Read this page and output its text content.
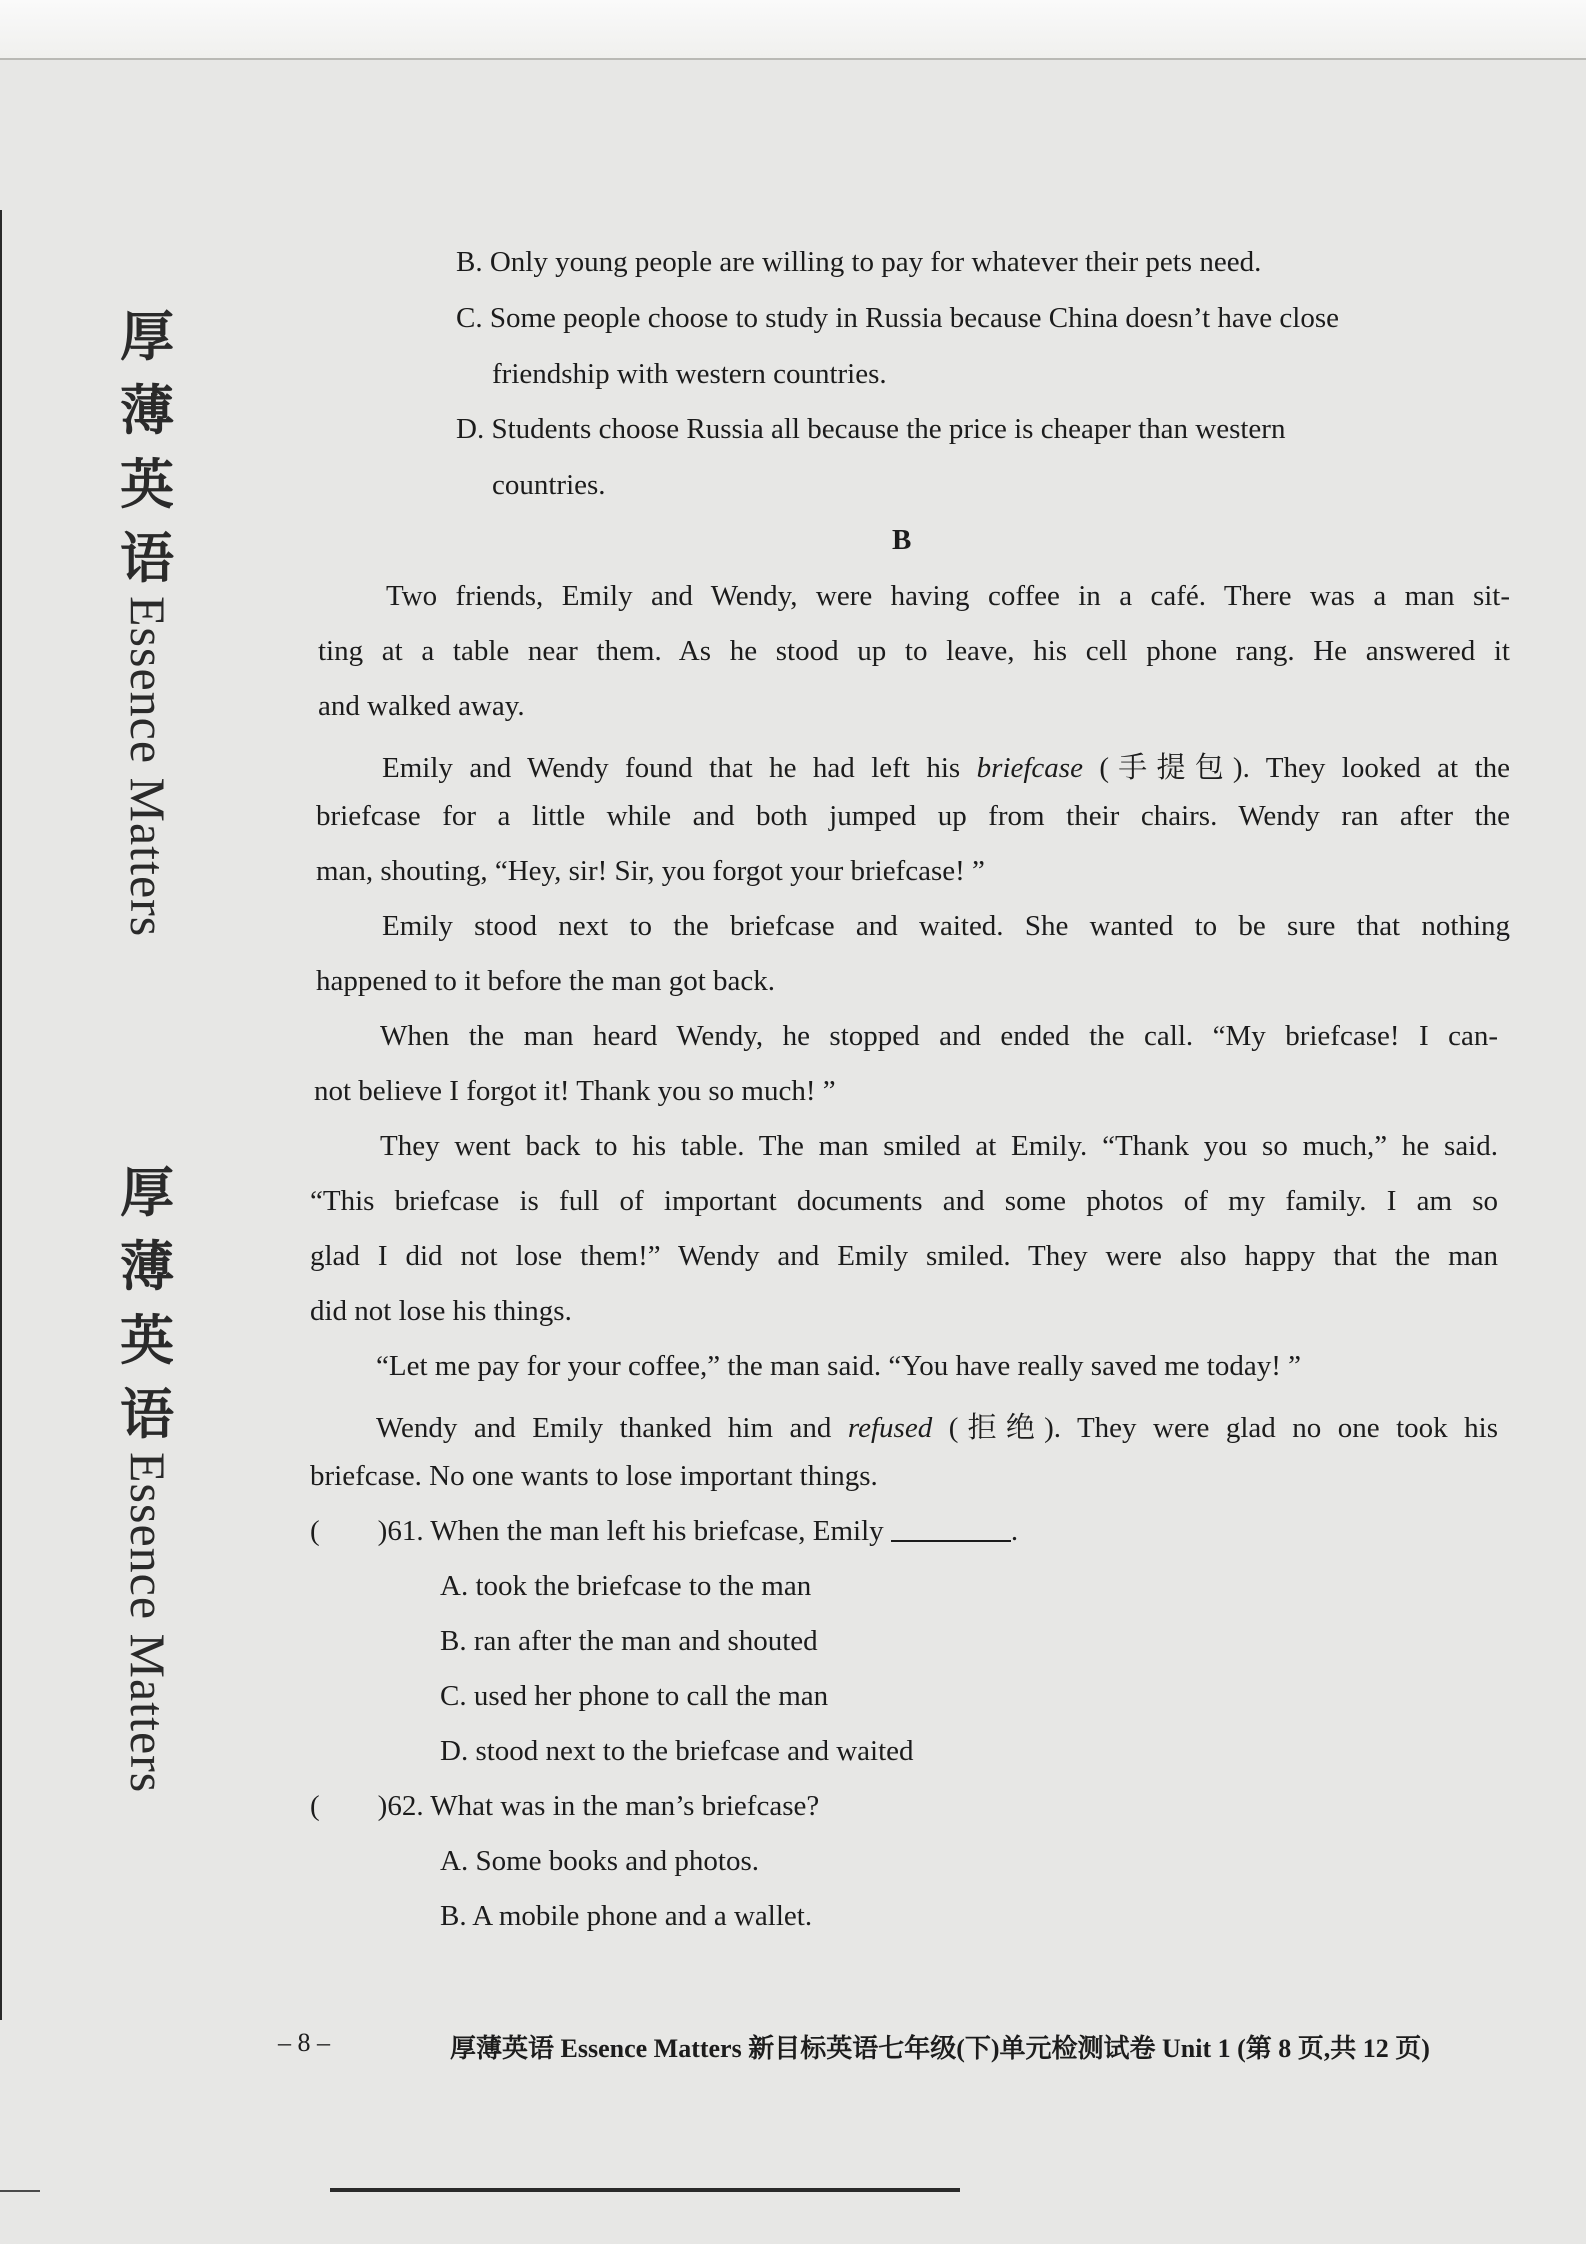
厚
薄
英
语
Essence Matters
厚
薄
英
语
Essence Matters
B. Only young people are willing to pay for whatever their pets need.
C. Some people choose to study in Russia because China doesn’t have close
friendship with western countries.
D. Students choose Russia all because the price is cheaper than western
countries.
B
Two friends, Emily and Wendy, were having coffee in a café. There was a man sit-
ting at a table near them. As he stood up to leave, his cell phone rang. He answered it
and walked away.
Emily and Wendy found that he had left his briefcase (手提包). They looked at the
briefcase for a little while and both jumped up from their chairs. Wendy ran after the
man, shouting, “Hey, sir! Sir, you forgot your briefcase! ”
Emily stood next to the briefcase and waited. She wanted to be sure that nothing
happened to it before the man got back.
When the man heard Wendy, he stopped and ended the call. “My briefcase! I can-
not believe I forgot it! Thank you so much! ”
They went back to his table. The man smiled at Emily. “Thank you so much,” he said.
“This briefcase is full of important documents and some photos of my family. I am so
glad I did not lose them!” Wendy and Emily smiled. They were also happy that the man
did not lose his things.
“Let me pay for your coffee,” the man said. “You have really saved me today! ”
Wendy and Emily thanked him and refused (拒绝). They were glad no one took his
briefcase. No one wants to lose important things.
( )61. When the man left his briefcase, Emily	.
A. took the briefcase to the man
B. ran after the man and shouted
C. used her phone to call the man
D. stood next to the briefcase and waited
( )62. What was in the man’s briefcase?
A. Some books and photos.
B. A mobile phone and a wallet.
– 8 –	厚薄英语 Essence Matters 新目标英语七年级(下)单元检测试卷 Unit 1 (第 8 页,共 12 页)
